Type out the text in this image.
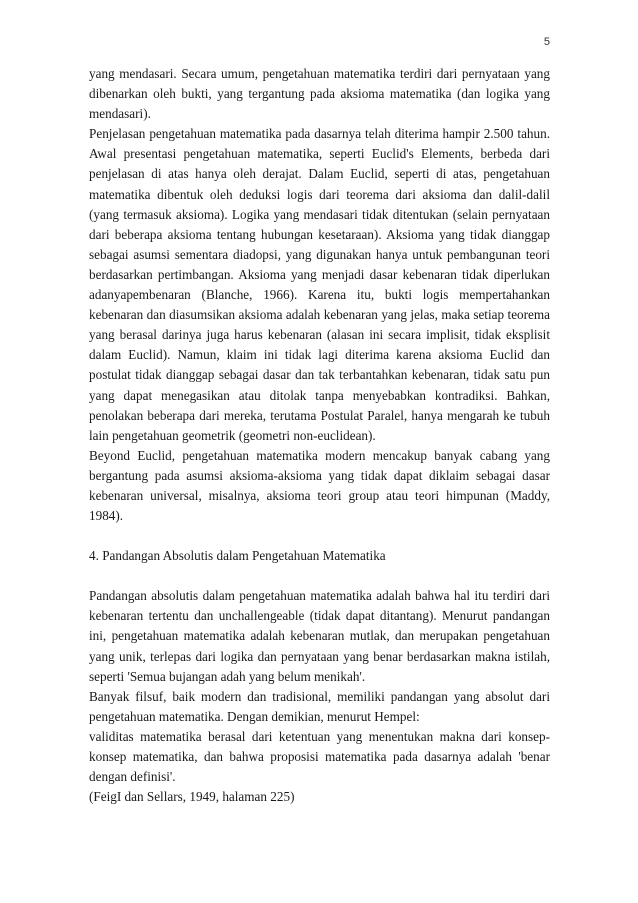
5

yang mendasari. Secara umum, pengetahuan matematika terdiri dari pernyataan yang dibenarkan oleh bukti, yang tergantung pada aksioma matematika (dan logika yang mendasari).

Penjelasan pengetahuan matematika pada dasarnya telah diterima hampir 2.500 tahun. Awal presentasi pengetahuan matematika, seperti Euclid's Elements, berbeda dari penjelasan di atas hanya oleh derajat. Dalam Euclid, seperti di atas, pengetahuan matematika dibentuk oleh deduksi logis dari teorema dari aksioma dan dalil-dalil (yang termasuk aksioma). Logika yang mendasari tidak ditentukan (selain pernyataan dari beberapa aksioma tentang hubungan kesetaraan). Aksioma yang tidak dianggap sebagai asumsi sementara diadopsi, yang digunakan hanya untuk pembangunan teori berdasarkan pertimbangan. Aksioma yang menjadi dasar kebenaran tidak diperlukan adanyapembenaran (Blanche, 1966). Karena itu, bukti logis mempertahankan kebenaran dan diasumsikan aksioma adalah kebenaran yang jelas, maka setiap teorema yang berasal darinya juga harus kebenaran (alasan ini secara implisit, tidak eksplisit dalam Euclid). Namun, klaim ini tidak lagi diterima karena aksioma Euclid dan postulat tidak dianggap sebagai dasar dan tak terbantahkan kebenaran, tidak satu pun yang dapat menegasikan atau ditolak tanpa menyebabkan kontradiksi. Bahkan, penolakan beberapa dari mereka, terutama Postulat Paralel, hanya mengarah ke tubuh lain pengetahuan geometrik (geometri non-euclidean).

Beyond Euclid, pengetahuan matematika modern mencakup banyak cabang yang bergantung pada asumsi aksioma-aksioma yang tidak dapat diklaim sebagai dasar kebenaran universal, misalnya, aksioma teori group atau teori himpunan (Maddy, 1984).

4. Pandangan Absolutis dalam Pengetahuan Matematika

Pandangan absolutis dalam pengetahuan matematika adalah bahwa hal itu terdiri dari kebenaran tertentu dan unchallengeable (tidak dapat ditantang). Menurut pandangan ini, pengetahuan matematika adalah kebenaran mutlak, dan merupakan pengetahuan yang unik, terlepas dari logika dan pernyataan yang benar berdasarkan makna istilah, seperti 'Semua bujangan adah yang belum menikah'.

Banyak filsuf, baik modern dan tradisional, memiliki pandangan yang absolut dari pengetahuan matematika. Dengan demikian, menurut Hempel:

validitas matematika berasal dari ketentuan yang menentukan makna dari konsep-konsep matematika, dan bahwa proposisi matematika pada dasarnya adalah 'benar dengan definisi'.

(FeigI dan Sellars, 1949, halaman 225)
